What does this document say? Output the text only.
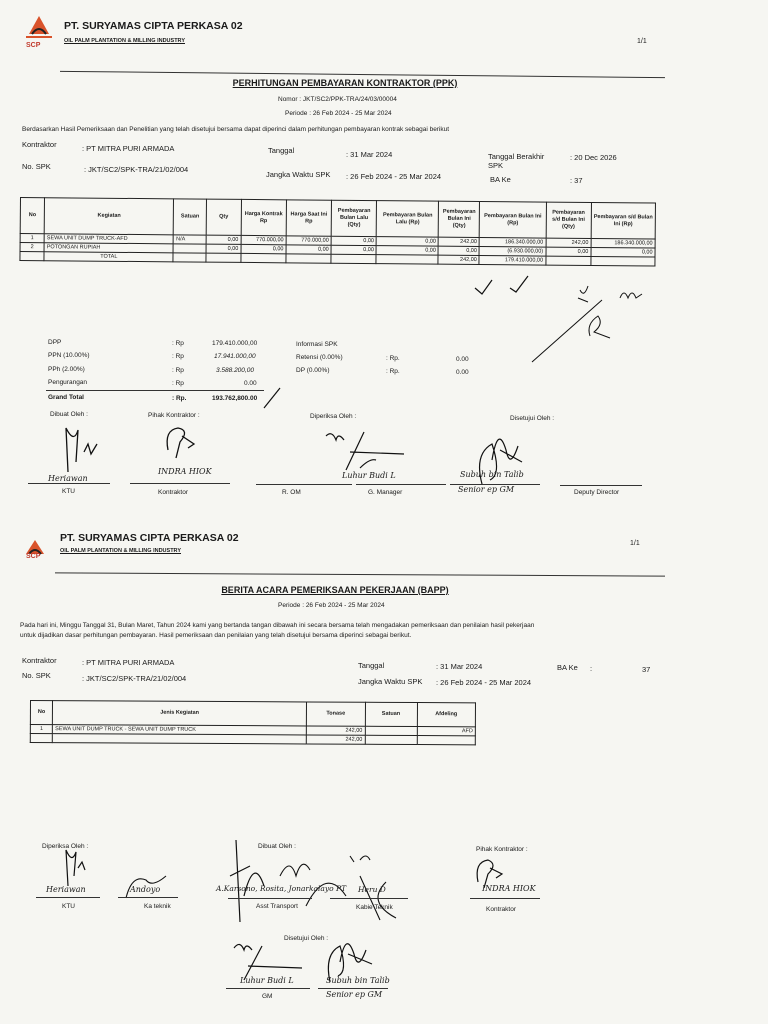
SCP
PT. SURYAMAS CIPTA PERKASA 02
OIL PALM PLANTATION & MILLING INDUSTRY	1/1
PERHITUNGAN PEMBAYARAN KONTRAKTOR (PPK)
Nomor : JKT/SC2/PPK-TRA/24/03/00004
Periode : 26 Feb 2024 - 25 Mar 2024
Berdasarkan Hasil Pemeriksaan dan Penelitian yang telah disetujui bersama dapat diperinci dalam perhitungan pembayaran kontrak sebagai berikut
Kontraktor	: PT MITRA PURI ARMADA
No. SPK	: JKT/SC2/SPK-TRA/21/02/004
Tanggal	: 31 Mar 2024
Jangka Waktu SPK : 26 Feb 2024 - 25 Mar 2024
Tanggal Berakhir SPK
: 20 Dec 2026
BA Ke	: 37
No	Kegiatan	Satuan	Qty	Harga Kontrak Rp	Harga Saat Ini Rp	Pembayaran Bulan Lalu (Qty)	Pembayaran Bulan Lalu (Rp)	Pembayaran Bulan Ini (Qty)	Pembayaran Bulan Ini (Rp)	Pembayaran s/d Bulan Ini (Qty)	Pembayaran s/d Bulan Ini (Rp)
1	SEWA UNIT DUMP TRUCK-AFD	N/A	0,00	770.000,00	770.000,00	0,00	0,00	242,00	186.340.000,00	242,00	186.340.000,00
2	POTONGAN RUPIAH		0,00	0,00	0,00	0,00	0,00	0,00	(6.930.000,00)	0,00	0,00
	TOTAL							242,00	179.410.000,00		
DPP	: Rp	179.410.000,00
PPN (10.00%)	: Rp	17.941.000,00
PPh (2.00%)	: Rp	3.588.200,00
Pengurangan	: Rp	0.00
Grand Total	: Rp.	193.762,800.00
Informasi SPK
Retensi (0.00%)	: Rp.	0.00
DP (0.00%)	: Rp.	0.00
Dibuat Oleh :	Pihak Kontraktor :	Diperiksa Oleh :	Disetujui Oleh :
Heriawan
INDRA HIOK	Luhur Budi L	Subuh bin Talib
KTU	Kontraktor	R. OM	G. Manager	Senior ep GM	Deputy Director
SCP
PT. SURYAMAS CIPTA PERKASA 02
OIL PALM PLANTATION & MILLING INDUSTRY
1/1
BERITA ACARA PEMERIKSAAN PEKERJAAN (BAPP)
Periode : 26 Feb 2024 - 25 Mar 2024
Pada hari ini, Minggu Tanggal 31, Bulan Maret, Tahun 2024 kami yang bertanda tangan dibawah ini secara bersama telah mengadakan pemeriksaan dan penilaian hasil pekerjaan
untuk dijadikan dasar perhitungan pembayaran. Hasil pemeriksaan dan penilaian yang telah disetujui bersama diperinci sebagai berikut.
Kontraktor	: PT MITRA PURI ARMADA
No. SPK	: JKT/SC2/SPK-TRA/21/02/004
Tanggal	: 31 Mar 2024
Jangka Waktu SPK : 26 Feb 2024 - 25 Mar 2024
BA Ke :	37
No	Jenis Kegiatan	Tonase	Satuan	Afdeling
1	SEWA UNIT DUMP TRUCK - SEWA UNIT DUMP TRUCK	242,00		AFD
		242,00		
Diperiksa Oleh :	Dibuat Oleh :	Pihak Kontraktor :
Heriawan	Andoyo	A.Karsono, Rosita, Jonarkalayo PT Heru D	INDRA HIOK
KTU	Ka teknik	Asst Transport	Kabie Teknik	Kontraktor
Disetujui Oleh :
Luhur Budi L	Subuh bin Talib
GM	Senior ep GM
